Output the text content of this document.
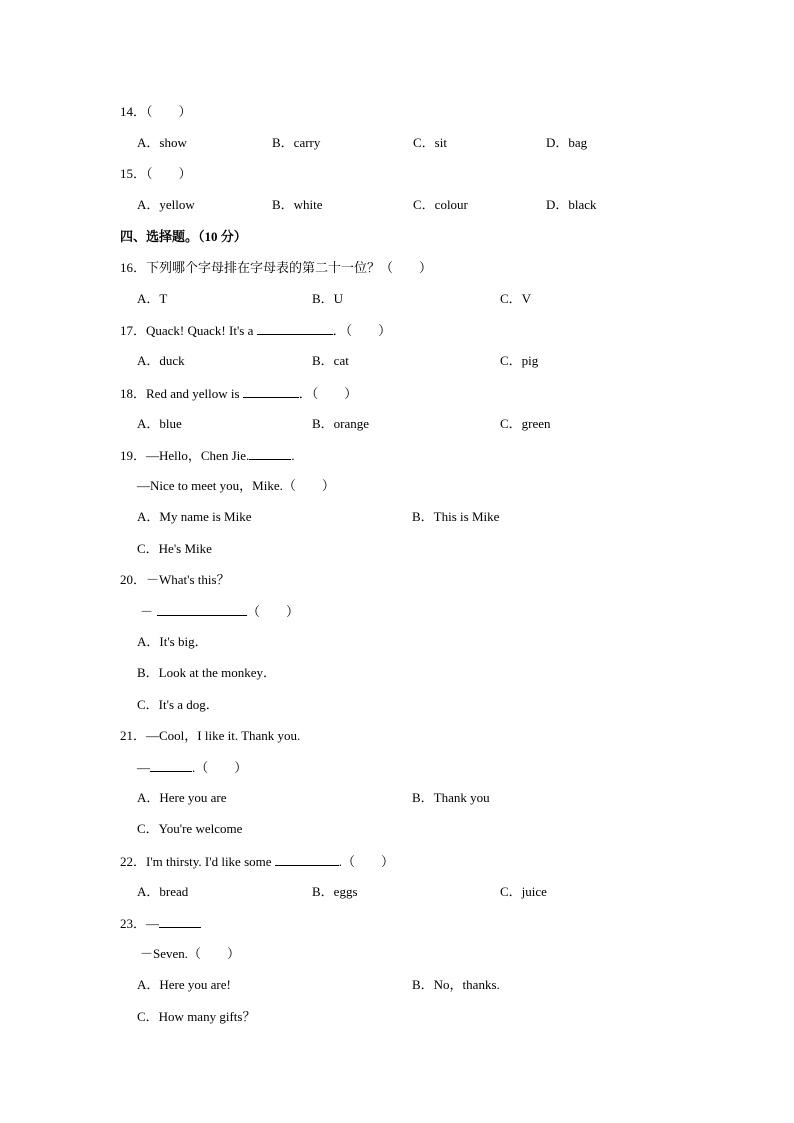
14．（　　）
A．show	B．carry	C．sit	D．bag
15．（　　）
A．yellow	B．white	C．colour	D．black
四、选择题。（10 分）
16．下列哪个字母排在字母表的第二十一位？（　　）
A．T	B．U	C．V
17．Quack! Quack! It's a	．（　　）
A．duck	B．cat	C．pig
18．Red and yellow is	．（　　）
A．blue	B．orange	C．green
19．—Hello，Chen Jie.	.
—Nice to meet you，Mike.（　　）
A．My name is Mike	B．This is Mike
C．He's Mike
20．－What's this？
－	（　　）
A．It's big．
B．Look at the monkey．
C．It's a dog．
21．—Cool，I like it. Thank you.
—	.（　　）
A．Here you are	B．Thank you
C．You're welcome
22．I'm thirsty. I'd like some	.（　　）
A．bread	B．eggs	C．juice
23．—
－Seven.（　　）
A．Here you are!	B．No，thanks.
C．How many gifts？
